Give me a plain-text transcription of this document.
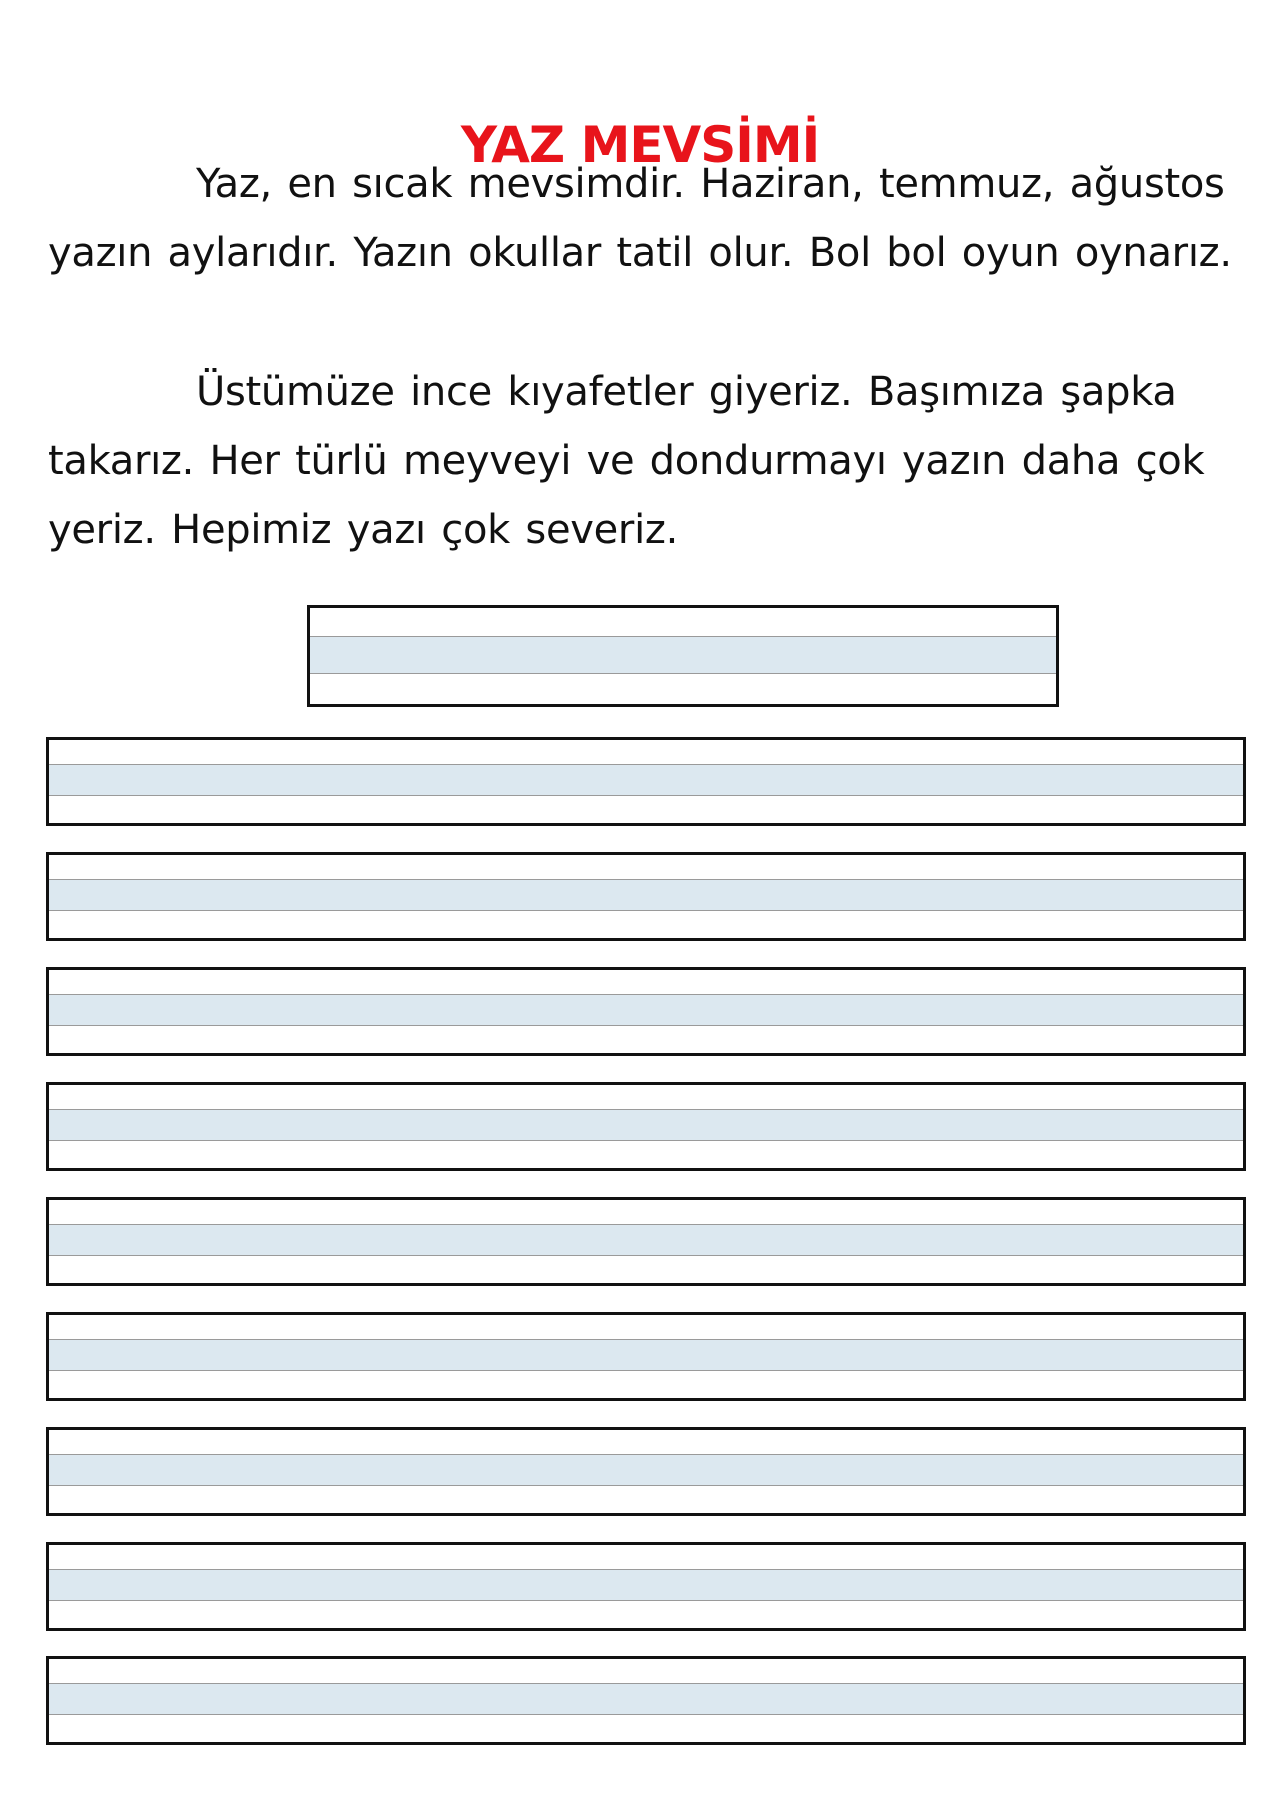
YAZ MEVSİMİ

Yaz, en sıcak mevsimdir. Haziran, temmuz, ağustos yazın aylarıdır. Yazın okullar tatil olur. Bol bol oyun oynarız.

Üstümüze ince kıyafetler giyeriz. Başımıza şapka takarız. Her türlü meyveyi ve dondurmayı yazın daha çok yeriz. Hepimiz yazı çok severiz.
